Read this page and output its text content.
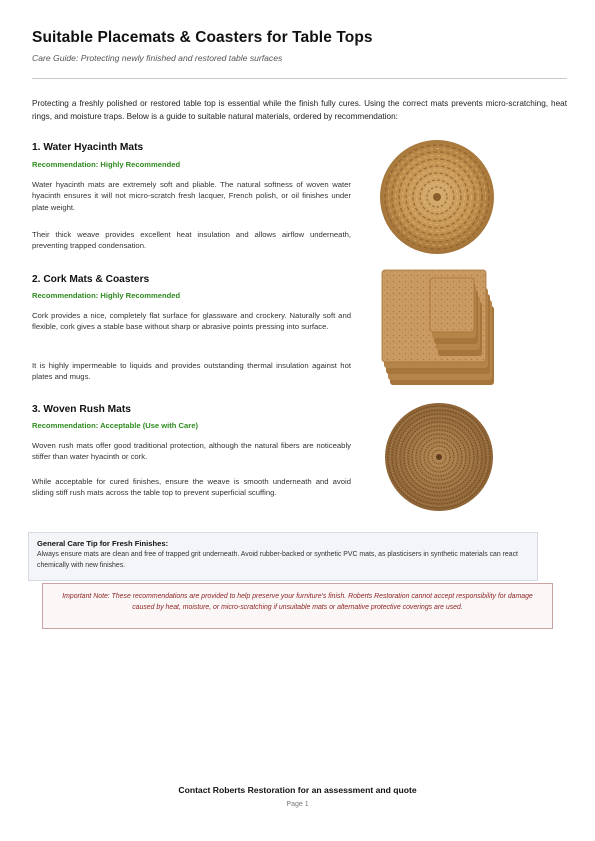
Suitable Placemats & Coasters for Table Tops

Care Guide: Protecting newly finished and restored table surfaces

Protecting a freshly polished or restored table top is essential while the finish fully cures. Using the correct mats prevents micro-scratching, heat rings, and moisture traps. Below is a guide to suitable natural materials, ordered by recommendation:

1. Water Hyacinth Mats

Recommendation: Highly Recommended

Water hyacinth mats are extremely soft and pliable. The natural softness of woven water hyacinth ensures it will not micro-scratch fresh lacquer, French polish, or oil finishes under plate weight.

Their thick weave provides excellent heat insulation and allows airflow underneath, preventing trapped condensation.

2. Cork Mats & Coasters

Recommendation: Highly Recommended

Cork provides a nice, completely flat surface for glassware and crockery. Naturally soft and flexible, cork gives a stable base without sharp or abrasive points pressing into surface.

It is highly impermeable to liquids and provides outstanding thermal insulation against hot plates and mugs.

3. Woven Rush Mats

Recommendation: Acceptable (Use with Care)

Woven rush mats offer good traditional protection, although the natural fibers are noticeably stiffer than water hyacinth or cork.

While acceptable for cured finishes, ensure the weave is smooth underneath and avoid sliding stiff rush mats across the table top to prevent superficial scuffing.

General Care Tip for Fresh Finishes:

Always ensure mats are clean and free of trapped grit underneath. Avoid rubber-backed or synthetic PVC mats, as plasticisers in synthetic materials can react chemically with new finishes.

Important Note: These recommendations are provided to help preserve your furniture's finish. Roberts Restoration cannot accept responsibility for damage caused by heat, moisture, or micro-scratching if unsuitable mats or alternative protective coverings are used.

Contact Roberts Restoration for an assessment and quote

Page 1
